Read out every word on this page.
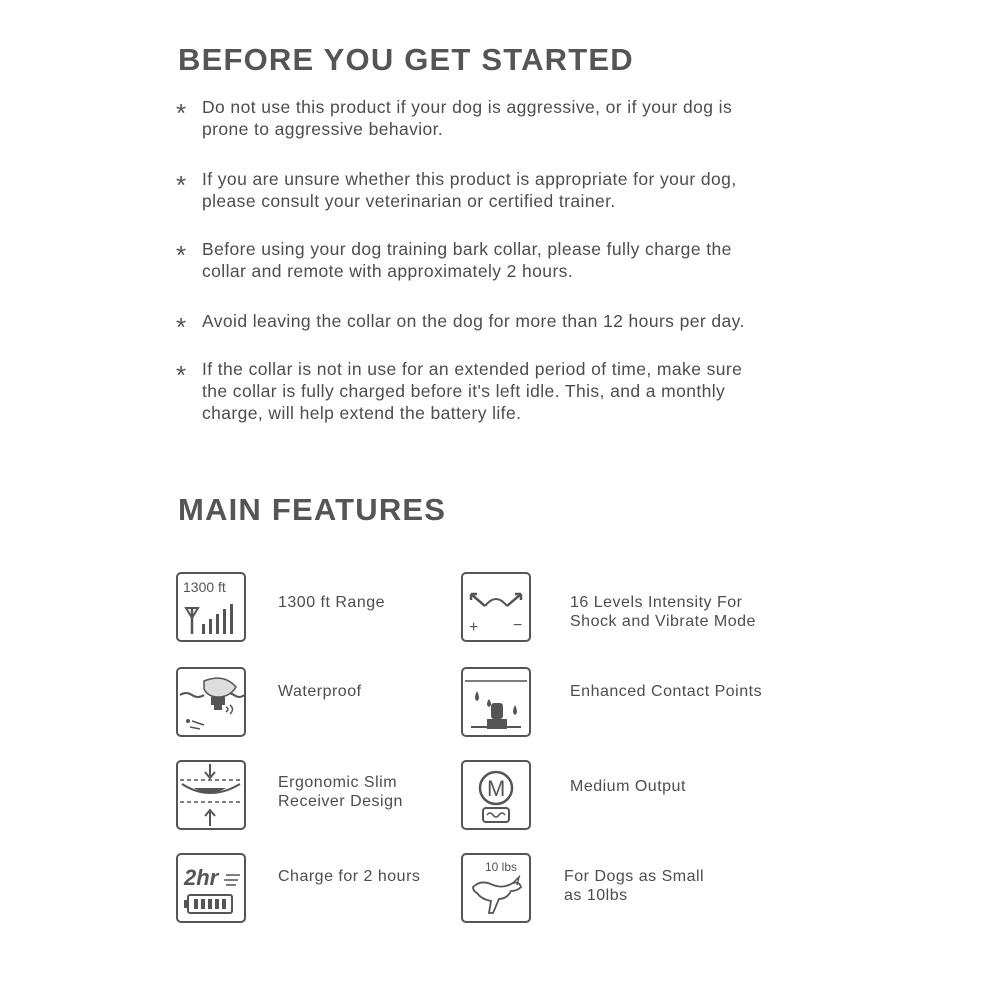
BEFORE YOU GET STARTED
* Do not use this product if your dog is aggressive, or if your dog is
prone to aggressive behavior.
* If you are unsure whether this product is appropriate for your dog,
please consult your veterinarian or certified trainer.
* Before using your dog training bark collar, please fully charge the
collar and remote with approximately 2 hours.
* Avoid leaving the collar on the dog for more than 12 hours per day.
* If the collar is not in use for an extended period of time, make sure
the collar is fully charged before it's left idle. This, and a monthly
charge, will help extend the battery life.
MAIN FEATURES
1300 ft
1300 ft Range
+ −
16 Levels Intensity For
Shock and Vibrate Mode
Waterproof	Enhanced Contact Points
Ergonomic Slim
Receiver Design
M	Medium Output
2hr	Charge for 2 hours
10 lbs
For Dogs as Small
as 10lbs
